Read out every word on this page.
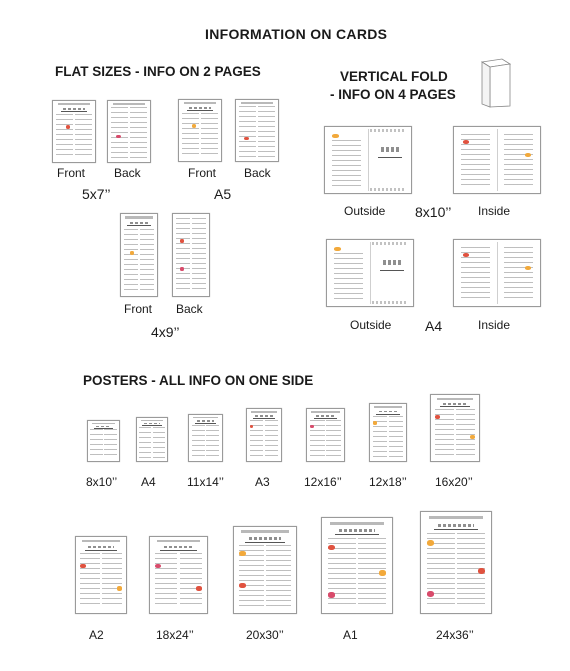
INFORMATION ON CARDS
FLAT SIZES - INFO ON 2 PAGES
Front Back
5x7’’
Front Back
A5
Front Back
4x9’’
VERTICAL FOLD
- INFO ON 4 PAGES
Outside 8x10’’ Inside
Outside A4	Inside
POSTERS - ALL INFO ON ONE SIDE
8x10’’ A4	11x14’’	A3	12x16’’ 12x18’’ 16x20’’
A2	18x24’’	20x30’’	A1	24x36’’
